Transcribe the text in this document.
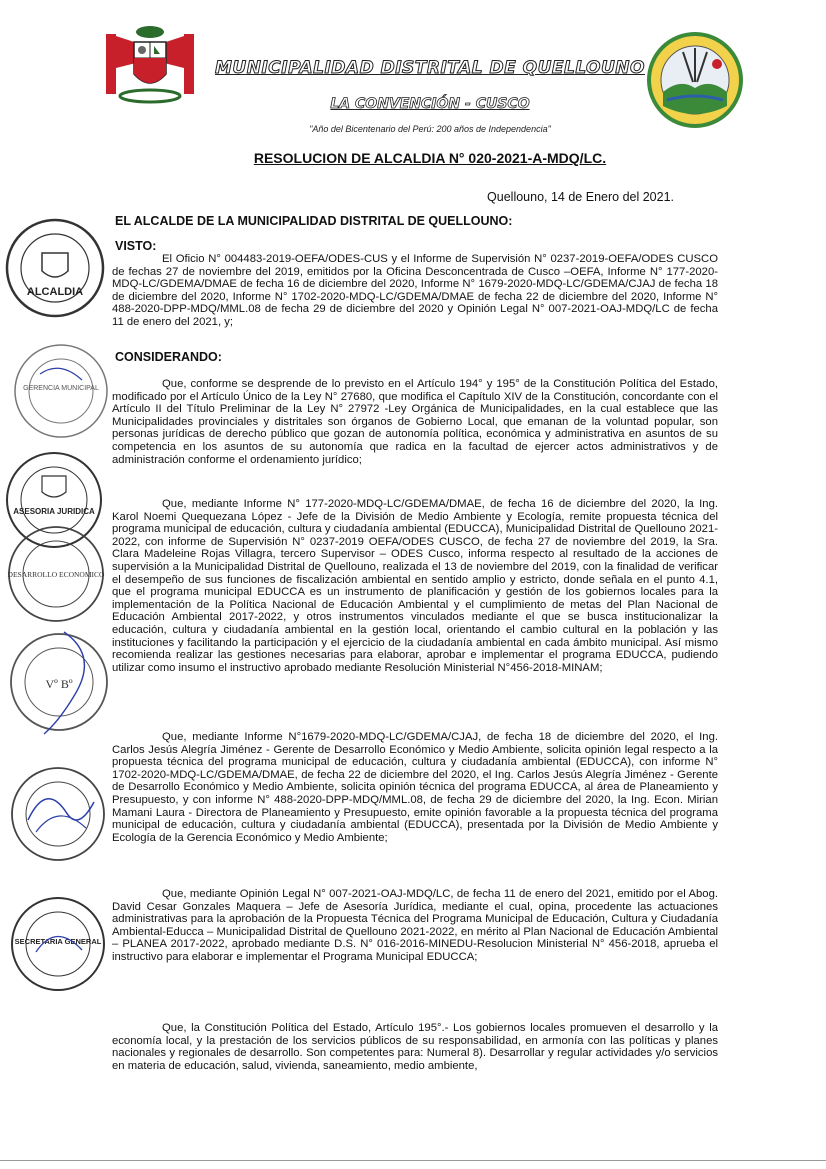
MUNICIPALIDAD DISTRITAL DE QUELLOUNO
LA CONVENCIÓN - CUSCO
"Año del Bicentenario del Perú: 200 años de Independencia"
RESOLUCION DE ALCALDIA N° 020-2021-A-MDQ/LC.
Quellouno, 14 de Enero del 2021.
EL ALCALDE DE LA MUNICIPALIDAD DISTRITAL DE QUELLOUNO:
VISTO:
El Oficio N° 004483-2019-OEFA/ODES-CUS y el Informe de Supervisión N° 0237-2019-OEFA/ODES CUSCO de fechas 27 de noviembre del 2019, emitidos por la Oficina Desconcentrada de Cusco –OEFA, Informe N° 177-2020-MDQ-LC/GDEMA/DMAE de fecha 16 de diciembre del 2020, Informe N° 1679-2020-MDQ-LC/GDEMA/CJAJ de fecha 18 de diciembre del 2020, Informe N° 1702-2020-MDQ-LC/GDEMA/DMAE de fecha 22 de diciembre del 2020, Informe N° 488-2020-DPP-MDQ/MML.08 de fecha 29 de diciembre del 2020 y Opinión Legal N° 007-2021-OAJ-MDQ/LC de fecha 11 de enero del 2021, y;
CONSIDERANDO:
Que, conforme se desprende de lo previsto en el Artículo 194° y 195° de la Constitución Política del Estado, modificado por el Artículo Único de la Ley N° 27680, que modifica el Capítulo XIV de la Constitución, concordante con el Artículo II del Título Preliminar de la Ley N° 27972 -Ley Orgánica de Municipalidades, en la cual establece que las Municipalidades provinciales y distritales son órganos de Gobierno Local, que emanan de la voluntad popular, son personas jurídicas de derecho público que gozan de autonomía política, económica y administrativa en asuntos de su competencia en los asuntos de su autonomía que radica en la facultad de ejercer actos administrativos y de administración conforme el ordenamiento jurídico;
Que, mediante Informe N° 177-2020-MDQ-LC/GDEMA/DMAE, de fecha 16 de diciembre del 2020, la Ing. Karol Noemi Quequezana López - Jefe de la División de Medio Ambiente y Ecología, remite propuesta técnica del programa municipal de educación, cultura y ciudadanía ambiental (EDUCCA), Municipalidad Distrital de Quellouno 2021-2022, con informe de Supervisión N° 0237-2019 OEFA/ODES CUSCO, de fecha 27 de noviembre del 2019, la Sra. Clara Madeleine Rojas Villagra, tercero Supervisor – ODES Cusco, informa respecto al resultado de la acciones de supervisión a la Municipalidad Distrital de Quellouno, realizada el 13 de noviembre del 2019, con la finalidad de verificar el desempeño de sus funciones de fiscalización ambiental en sentido amplio y estricto, donde señala en el punto 4.1, que el programa municipal EDUCCA es un instrumento de planificación y gestión de los gobiernos locales para la implementación de la Política Nacional de Educación Ambiental y el cumplimiento de metas del Plan Nacional de Educación Ambiental 2017-2022, y otros instrumentos vinculados mediante el que se busca institucionalizar la educación, cultura y ciudadanía ambiental en la gestión local, orientando el cambio cultural en la población y las instituciones y facilitando la participación y el ejercicio de la ciudadanía ambiental en cada ámbito municipal. Así mismo recomienda realizar las gestiones necesarias para elaborar, aprobar e implementar el programa EDUCCA, pudiendo utilizar como insumo el instructivo aprobado mediante Resolución Ministerial N°456-2018-MINAM;
Que, mediante Informe N°1679-2020-MDQ-LC/GDEMA/CJAJ, de fecha 18 de diciembre del 2020, el Ing. Carlos Jesús Alegría Jiménez - Gerente de Desarrollo Económico y Medio Ambiente, solicita opinión legal respecto a la propuesta técnica del programa municipal de educación, cultura y ciudadanía ambiental (EDUCCA), con informe N° 1702-2020-MDQ-LC/GDEMA/DMAE, de fecha 22 de diciembre del 2020, el Ing. Carlos Jesús Alegría Jiménez - Gerente de Desarrollo Económico y Medio Ambiente, solicita opinión técnica del programa EDUCCA, al área de Planeamiento y Presupuesto, y con informe N° 488-2020-DPP-MDQ/MML.08, de fecha 29 de diciembre del 2020, la Ing. Econ. Mirian Mamani Laura - Directora de Planeamiento y Presupuesto, emite opinión favorable a la propuesta técnica del programa municipal de educación, cultura y ciudadanía ambiental (EDUCCA), presentada por la División de Medio Ambiente y Ecología de la Gerencia Económico y Medio Ambiente;
Que, mediante Opinión Legal N° 007-2021-OAJ-MDQ/LC, de fecha 11 de enero del 2021, emitido por el Abog. David Cesar Gonzales Maquera – Jefe de Asesoría Jurídica, mediante el cual, opina, procedente las actuaciones administrativas para la aprobación de la Propuesta Técnica del Programa Municipal de Educación, Cultura y Ciudadanía Ambiental-Educca – Municipalidad Distrital de Quellouno 2021-2022, en mérito al Plan Nacional de Educación Ambiental – PLANEA 2017-2022, aprobado mediante D.S. N° 016-2016-MINEDU-Resolucion Ministerial N° 456-2018, aprueba el instructivo para elaborar e implementar el Programa Municipal EDUCCA;
Que, la Constitución Política del Estado, Artículo 195°.- Los gobiernos locales promueven el desarrollo y la economía local, y la prestación de los servicios públicos de su responsabilidad, en armonía con las políticas y planes nacionales y regionales de desarrollo. Son competentes para: Numeral 8). Desarrollar y regular actividades y/o servicios en materia de educación, salud, vivienda, saneamiento, medio ambiente,
ALCALDIA
GERENCIA MUNICIPAL
ASESORIA JURIDICA
DESARROLLO ECONOMICO
Vº Bº
SECRETARIA GENERAL
